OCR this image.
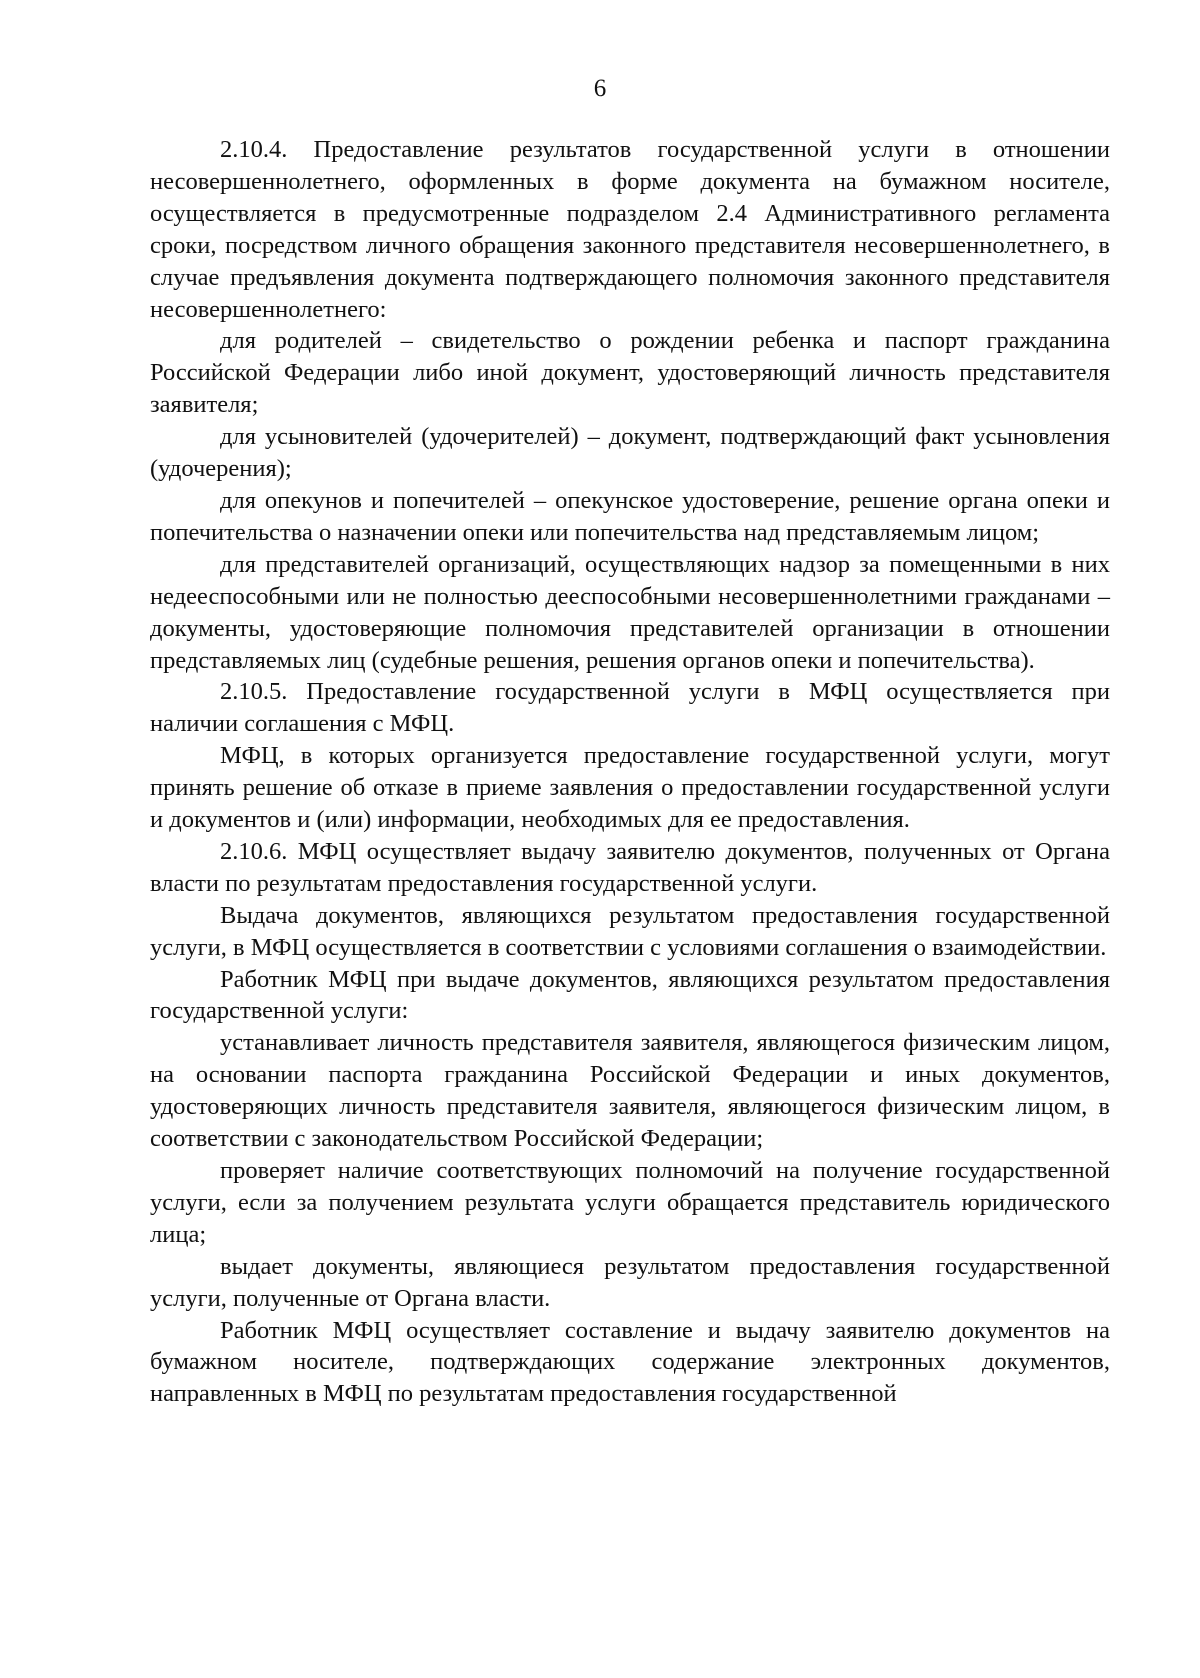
6

2.10.4. Предоставление результатов государственной услуги в отношении несовершеннолетнего, оформленных в форме документа на бумажном носителе, осуществляется в предусмотренные подразделом 2.4 Административного регламента сроки, посредством личного обращения законного представителя несовершеннолетнего, в случае предъявления документа подтверждающего полномочия законного представителя несовершеннолетнего:

для родителей – свидетельство о рождении ребенка и паспорт гражданина Российской Федерации либо иной документ, удостоверяющий личность представителя заявителя;

для усыновителей (удочерителей) – документ, подтверждающий факт усыновления (удочерения);

для опекунов и попечителей – опекунское удостоверение, решение органа опеки и попечительства о назначении опеки или попечительства над представляемым лицом;

для представителей организаций, осуществляющих надзор за помещенными в них недееспособными или не полностью дееспособными несовершеннолетними гражданами – документы, удостоверяющие полномочия представителей организации в отношении представляемых лиц (судебные решения, решения органов опеки и попечительства).

2.10.5. Предоставление государственной услуги в МФЦ осуществляется при наличии соглашения с МФЦ.

МФЦ, в которых организуется предоставление государственной услуги, могут принять решение об отказе в приеме заявления о предоставлении государственной услуги и документов и (или) информации, необходимых для ее предоставления.

2.10.6. МФЦ осуществляет выдачу заявителю документов, полученных от Органа власти по результатам предоставления государственной услуги.

Выдача документов, являющихся результатом предоставления государственной услуги, в МФЦ осуществляется в соответствии с условиями соглашения о взаимодействии.

Работник МФЦ при выдаче документов, являющихся результатом предоставления государственной услуги:

устанавливает личность представителя заявителя, являющегося физическим лицом, на основании паспорта гражданина Российской Федерации и иных документов, удостоверяющих личность представителя заявителя, являющегося физическим лицом, в соответствии с законодательством Российской Федерации;

проверяет наличие соответствующих полномочий на получение государственной услуги, если за получением результата услуги обращается представитель юридического лица;

выдает документы, являющиеся результатом предоставления государственной услуги, полученные от Органа власти.

Работник МФЦ осуществляет составление и выдачу заявителю документов на бумажном носителе, подтверждающих содержание электронных документов, направленных в МФЦ по результатам предоставления государственной
